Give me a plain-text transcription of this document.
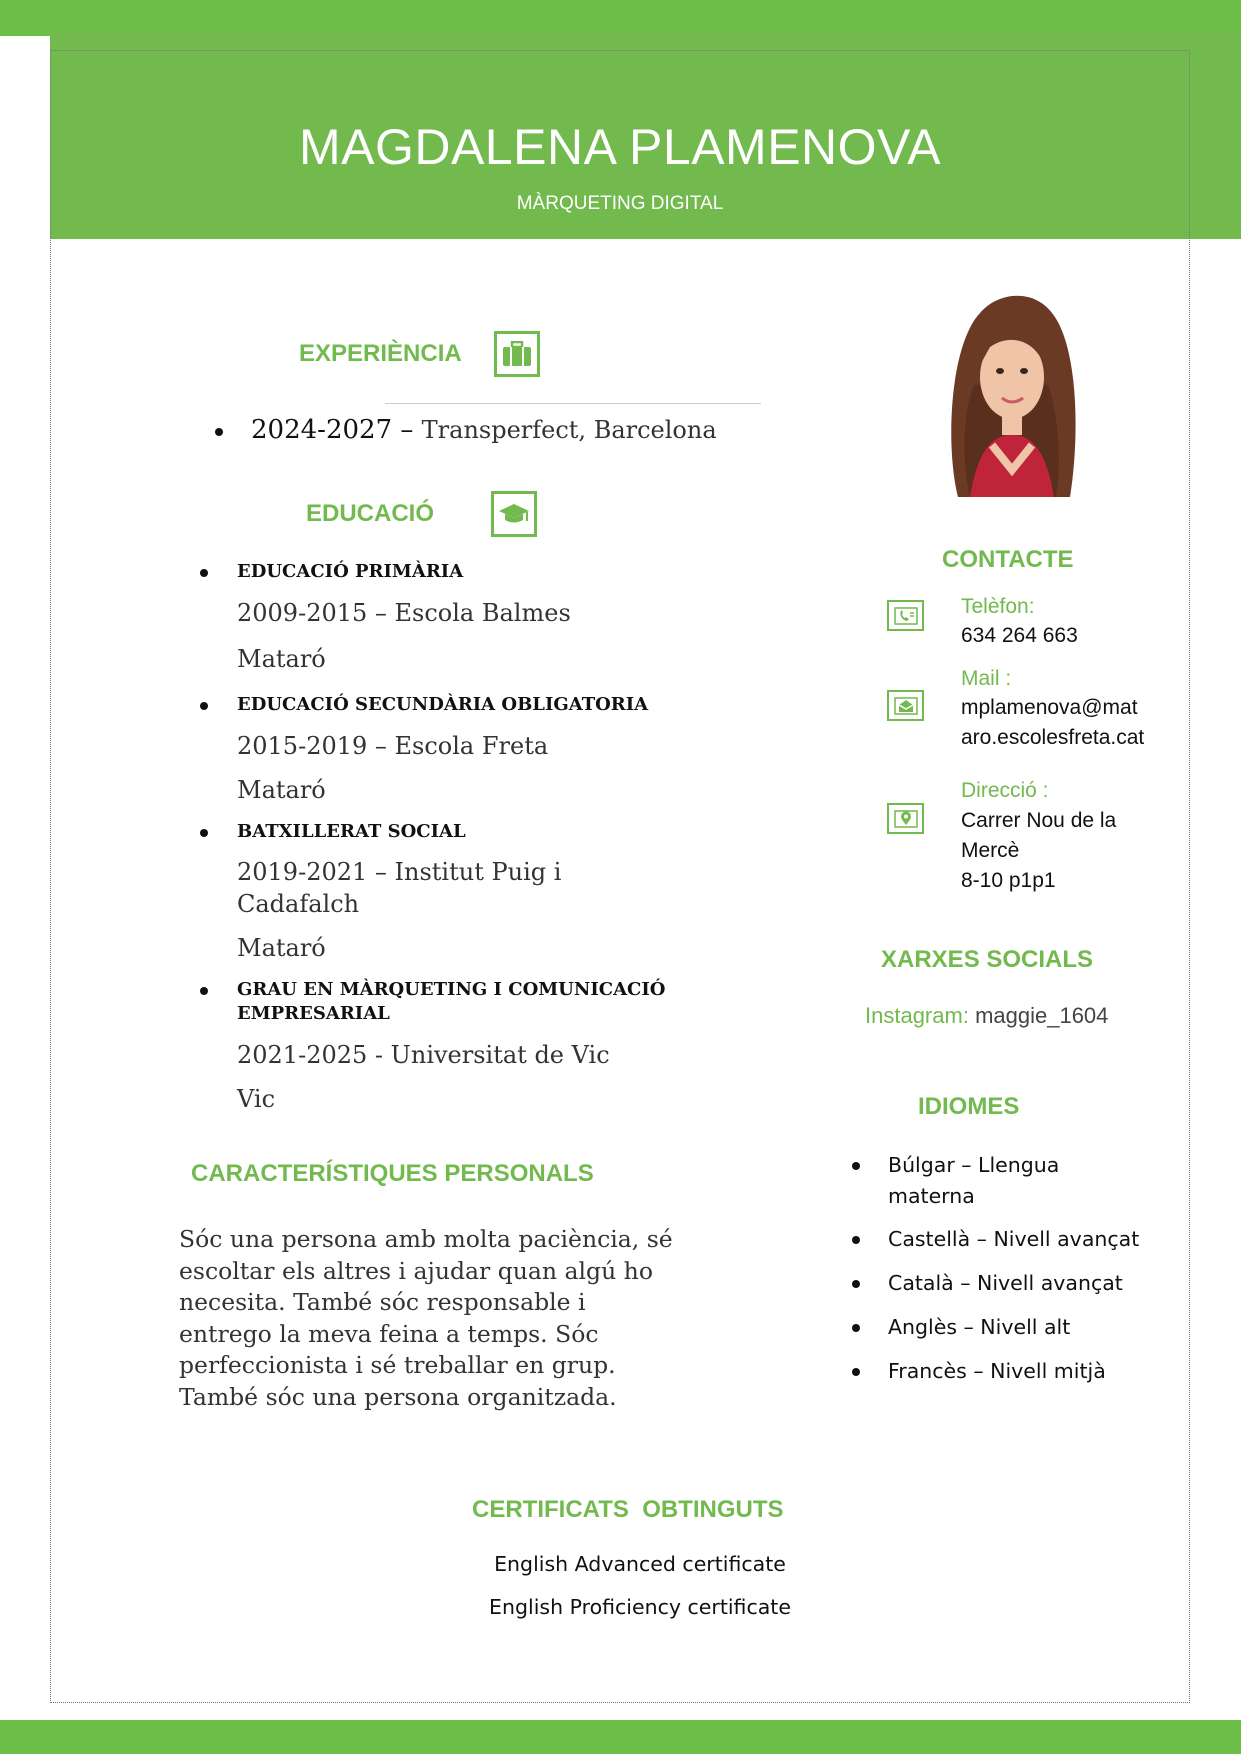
MAGDALENA PLAMENOVA
MÀRQUETING DIGITAL
EXPERIÈNCIA
2024-2027 – Transperfect, Barcelona
EDUCACIÓ
EDUCACIÓ PRIMÀRIA
2009-2015 – Escola Balmes
Mataró
EDUCACIÓ SECUNDÀRIA OBLIGATORIA
2015-2019 – Escola Freta
Mataró
BATXILLERAT SOCIAL
2019-2021 – Institut Puig i Cadafalch
Mataró
GRAU EN MÀRQUETING I COMUNICACIÓ EMPRESARIAL
2021-2025 - Universitat de Vic
Vic
CARACTERÍSTIQUES PERSONALS
Sóc una persona amb molta paciència, sé escoltar els altres i ajudar quan algú ho necesita. També sóc responsable i entrego la meva feina a temps. Sóc perfeccionista i sé treballar en grup. També sóc una persona organitzada.
CONTACTE
Telèfon:
634 264 663
Mail :
mplamenova@mat
aro.escolesfreta.cat
Direcció :
Carrer Nou de la
Mercè
8-10 p1p1
XARXES SOCIALS
Instagram: maggie_1604
IDIOMES
Búlgar – Llengua materna
Castellà – Nivell avançat
Català – Nivell avançat
Anglès – Nivell alt
Francès – Nivell mitjà
CERTIFICATS  OBTINGUTS
English Advanced certificate
English Proficiency certificate
